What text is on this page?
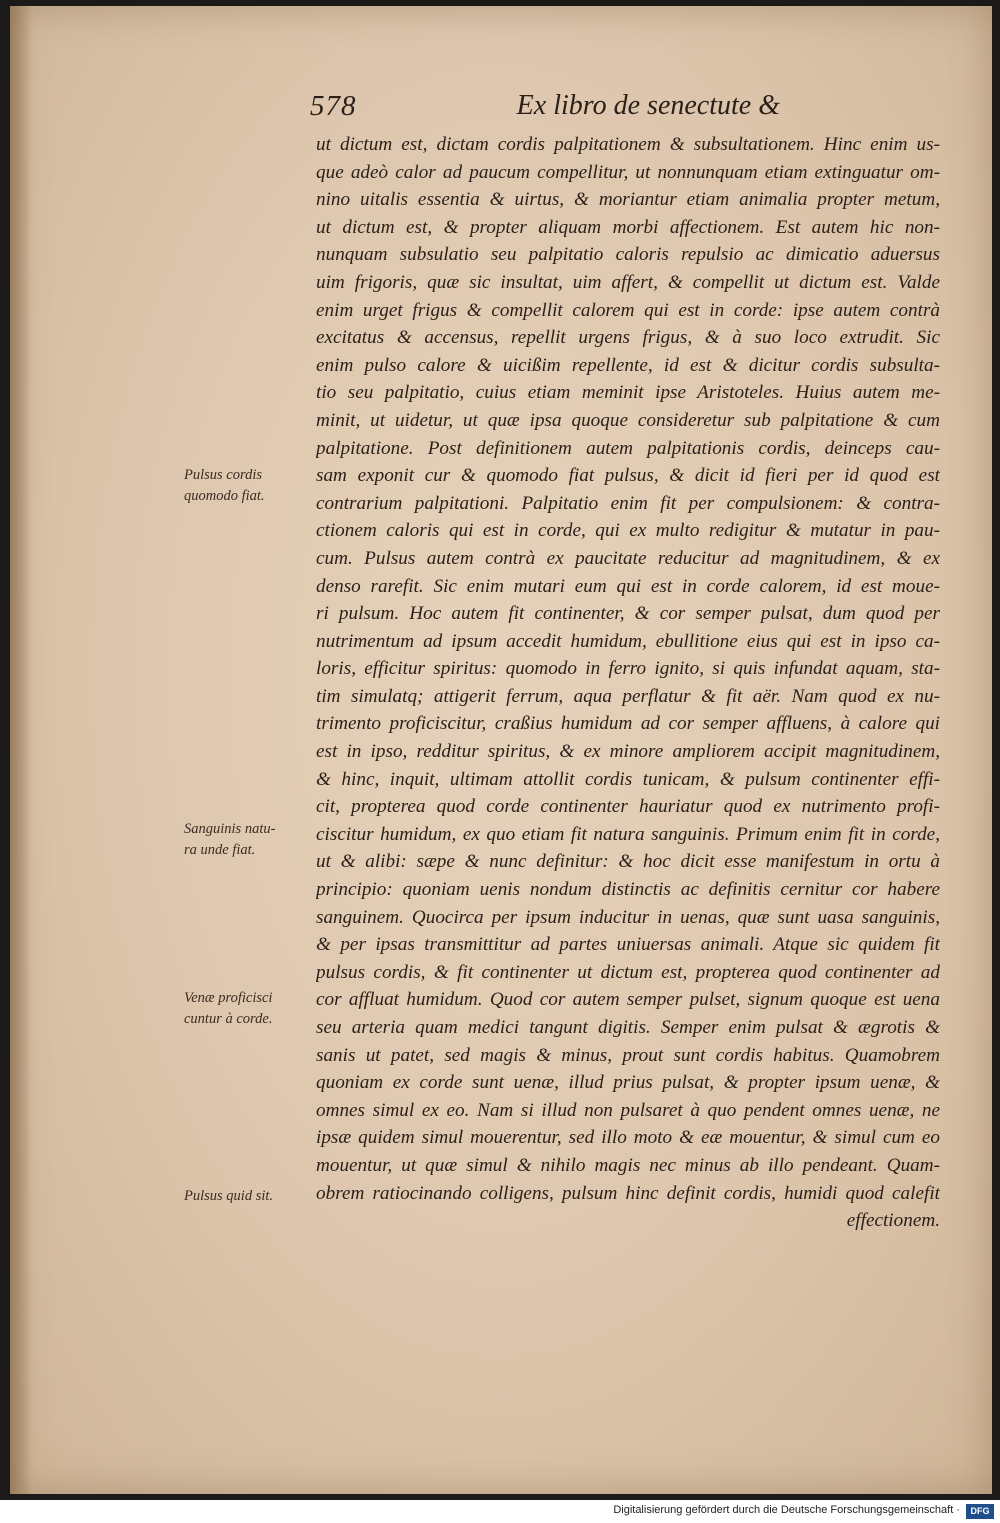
578	Ex libro de senectute &
ut dictum est, dictam cordis palpitationem & subsultationem. Hinc enim us-
que adeò calor ad paucum compellitur, ut nonnunquam etiam extinguatur om-
nino uitalis essentia & uirtus, & moriantur etiam animalia propter metum,
ut dictum est, & propter aliquam morbi affectionem. Est autem hic non-
nunquam subsulatio seu palpitatio caloris repulsio ac dimicatio aduersus
uim frigoris, quæ sic insultat, uim affert, & compellit ut dictum est. Valde
enim urget frigus & compellit calorem qui est in corde: ipse autem contrà
excitatus & accensus, repellit urgens frigus, & à suo loco extrudit. Sic
enim pulso calore & uicißim repellente, id est & dicitur cordis subsulta-
tio seu palpitatio, cuius etiam meminit ipse Aristoteles. Huius autem me-
minit, ut uidetur, ut quæ ipsa quoque consideretur sub palpitatione & cum
palpitatione. Post definitionem autem palpitationis cordis, deinceps cau-
sam exponit cur & quomodo fiat pulsus, & dicit id fieri per id quod est
contrarium palpitationi. Palpitatio enim fit per compulsionem: & contra-
ctionem caloris qui est in corde, qui ex multo redigitur & mutatur in pau-
cum. Pulsus autem contrà ex paucitate reducitur ad magnitudinem, & ex
denso rarefit. Sic enim mutari eum qui est in corde calorem, id est moue-
ri pulsum. Hoc autem fit continenter, & cor semper pulsat, dum quod per
nutrimentum ad ipsum accedit humidum, ebullitione eius qui est in ipso ca-
loris, efficitur spiritus: quomodo in ferro ignito, si quis infundat aquam, sta-
tim simulatq; attigerit ferrum, aqua perflatur & fit aër. Nam quod ex nu-
trimento proficiscitur, craßius humidum ad cor semper affluens, à calore qui
est in ipso, redditur spiritus, & ex minore ampliorem accipit magnitudinem,
& hinc, inquit, ultimam attollit cordis tunicam, & pulsum continenter effi-
cit, propterea quod corde continenter hauriatur quod ex nutrimento profi-
ciscitur humidum, ex quo etiam fit natura sanguinis. Primum enim fit in corde,
ut & alibi: sæpe & nunc definitur: & hoc dicit esse manifestum in ortu à
principio: quoniam uenis nondum distinctis ac definitis cernitur cor habere
sanguinem. Quocirca per ipsum inducitur in uenas, quæ sunt uasa sanguinis,
& per ipsas transmittitur ad partes uniuersas animali. Atque sic quidem fit
pulsus cordis, & fit continenter ut dictum est, propterea quod continenter ad
cor affluat humidum. Quod cor autem semper pulset, signum quoque est uena
seu arteria quam medici tangunt digitis. Semper enim pulsat & ægrotis &
sanis ut patet, sed magis & minus, prout sunt cordis habitus. Quamobrem
quoniam ex corde sunt uenæ, illud prius pulsat, & propter ipsum uenæ, &
omnes simul ex eo. Nam si illud non pulsaret à quo pendent omnes uenæ, ne
ipsæ quidem simul mouerentur, sed illo moto & eæ mouentur, & simul cum eo
mouentur, ut quæ simul & nihilo magis nec minus ab illo pendeant. Quam-
obrem ratiocinando colligens, pulsum hinc definit cordis, humidi quod calefit
effectionem.
Pulsus cordis
quomodo fiat.
Sanguinis natu-
ra unde fiat.
Venæ proficisci
cuntur à corde.
Pulsus quid sit.
Digitalisierung gefördert durch die Deutsche Forschungsgemeinschaft ·	DFG
